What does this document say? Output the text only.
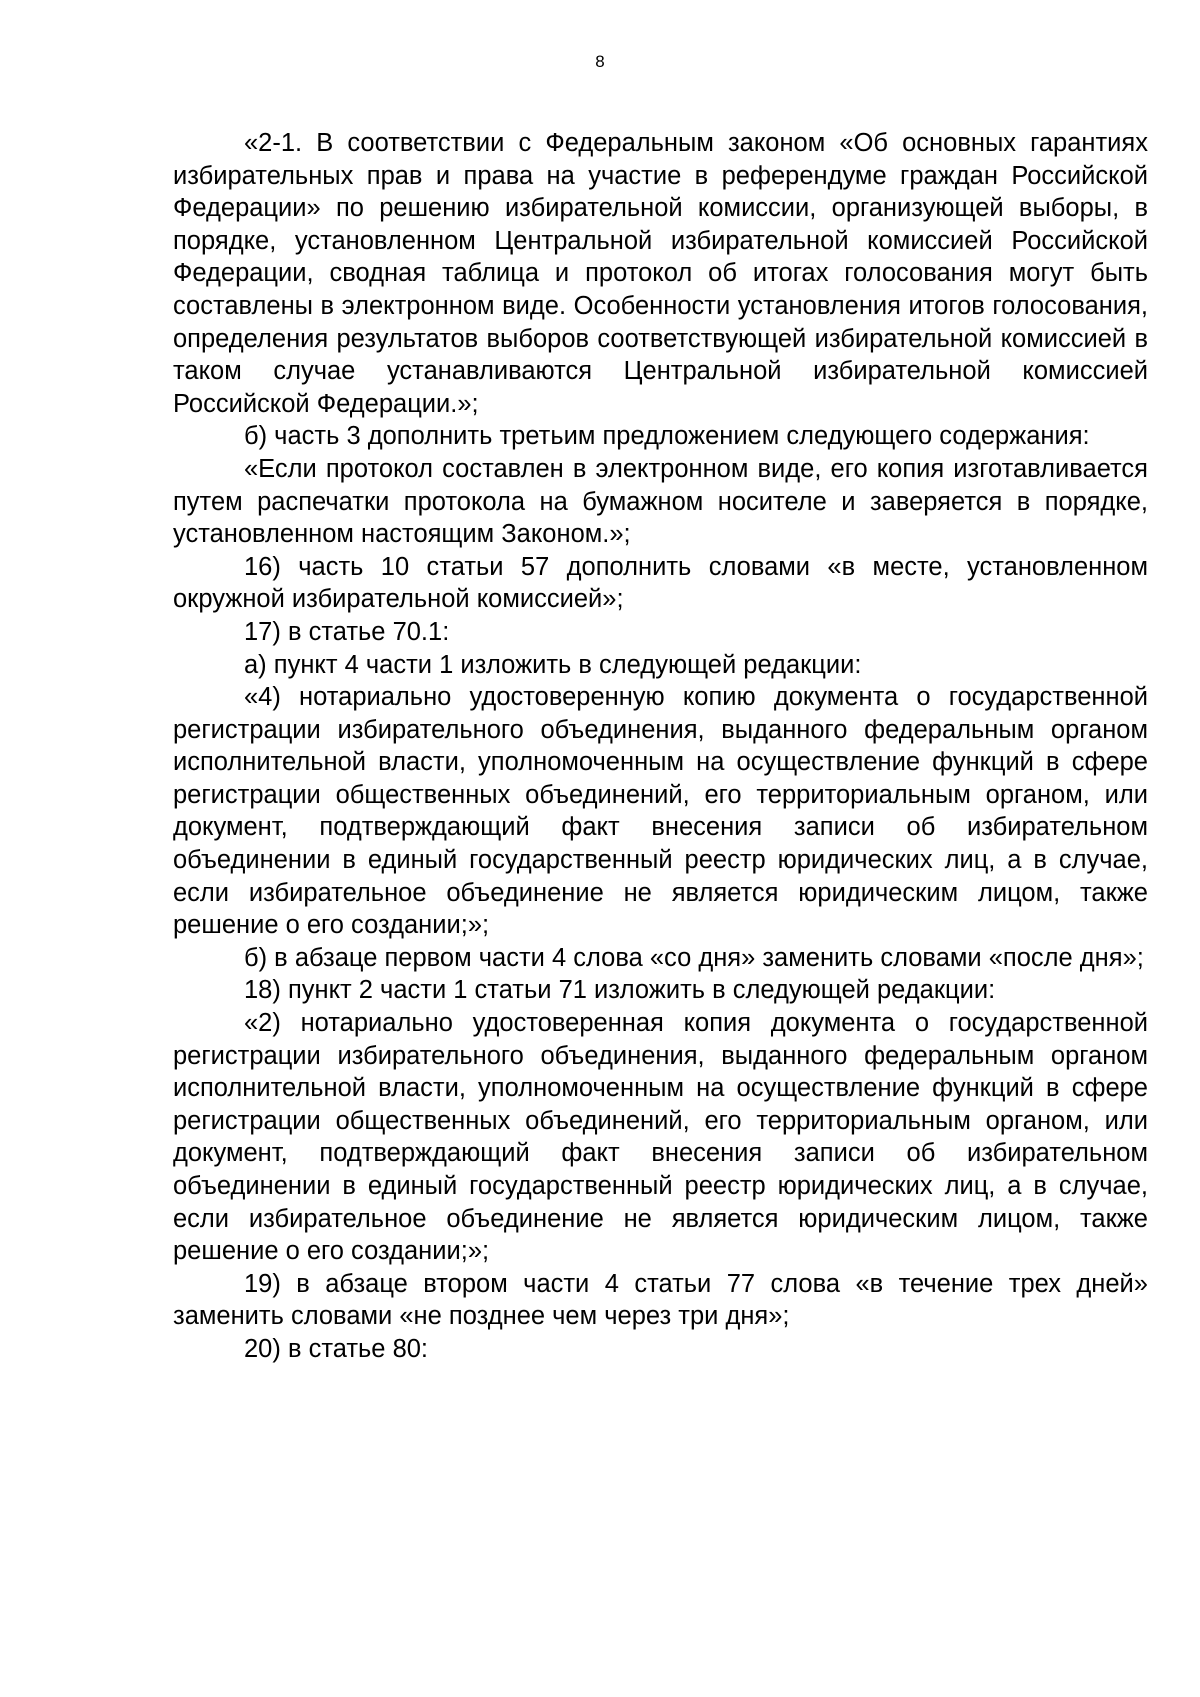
8

«2-1. В соответствии с Федеральным законом «Об основных гарантиях избирательных прав и права на участие в референдуме граждан Российской Федерации» по решению избирательной комиссии, организующей выборы, в порядке, установленном Центральной избирательной комиссией Российской Федерации, сводная таблица и протокол об итогах голосования могут быть составлены в электронном виде. Особенности установления итогов голосования, определения результатов выборов соответствующей избирательной комиссией в таком случае устанавливаются Центральной избирательной комиссией Российской Федерации.»;

б) часть 3 дополнить третьим предложением следующего содержания:

«Если протокол составлен в электронном виде, его копия изготавливается путем распечатки протокола на бумажном носителе и заверяется в порядке, установленном настоящим Законом.»;

16) часть 10 статьи 57 дополнить словами «в месте, установленном окружной избирательной комиссией»;

17) в статье 70.1:

а) пункт 4 части 1 изложить в следующей редакции:

«4) нотариально удостоверенную копию документа о государственной регистрации избирательного объединения, выданного федеральным органом исполнительной власти, уполномоченным на осуществление функций в сфере регистрации общественных объединений, его территориальным органом, или документ, подтверждающий факт внесения записи об избирательном объединении в единый государственный реестр юридических лиц, а в случае, если избирательное объединение не является юридическим лицом, также решение о его создании;»;

б) в абзаце первом части 4 слова «со дня» заменить словами «после дня»;

18) пункт 2 части 1 статьи 71 изложить в следующей редакции:

«2) нотариально удостоверенная копия документа о государственной регистрации избирательного объединения, выданного федеральным органом исполнительной власти, уполномоченным на осуществление функций в сфере регистрации общественных объединений, его территориальным органом, или документ, подтверждающий факт внесения записи об избирательном объединении в единый государственный реестр юридических лиц, а в случае, если избирательное объединение не является юридическим лицом, также решение о его создании;»;

19) в абзаце втором части 4 статьи 77 слова «в течение трех дней» заменить словами «не позднее чем через три дня»;

20) в статье 80:
